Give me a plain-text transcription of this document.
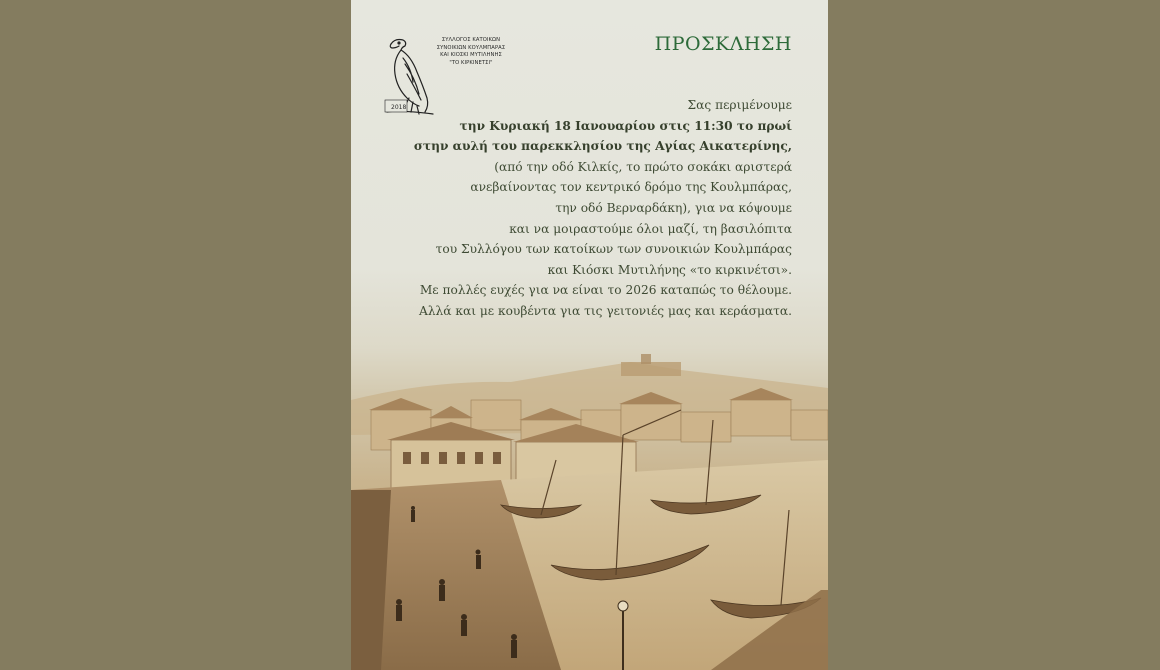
2018
ΣΥΛΛΟΓΟΣ ΚΑΤΟΙΚΩΝ
ΣΥΝΟΙΚΙΩΝ ΚΟΥΛΜΠΑΡΑΣ
ΚΑΙ ΚΙΟΣΚΙ ΜΥΤΙΛΗΝΗΣ
"ΤΟ ΚΙΡΚΙΝΕΤΣΙ"
ΠΡΟΣΚΛΗΣΗ
Σας περιμένουμε
την Κυριακή 18 Ιανουαρίου στις 11:30 το πρωί
στην αυλή του παρεκκλησίου της Αγίας Αικατερίνης,
(από την οδό Κιλκίς, το πρώτο σοκάκι αριστερά
ανεβαίνοντας τον κεντρικό δρόμο της Κουλμπάρας,
την οδό Βερναρδάκη), για να κόψουμε
και να μοιραστούμε όλοι μαζί, τη βασιλόπιτα
του Συλλόγου των κατοίκων των συνοικιών Κουλμπάρας
και Κιόσκι Μυτιλήνης «το κιρκινέτσι».
Με πολλές ευχές για να είναι το 2026 καταπώς το θέλουμε.
Αλλά και με κουβέντα για τις γειτονιές μας και κεράσματα.
